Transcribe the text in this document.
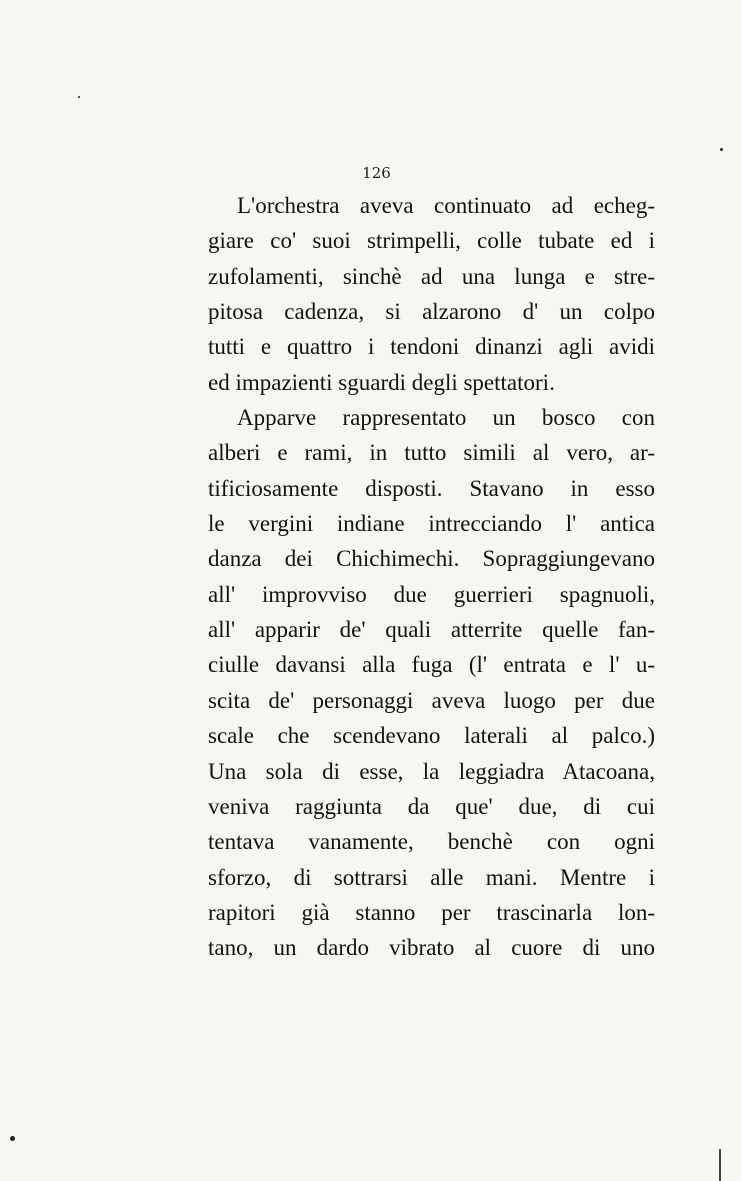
126
L'orchestra aveva continuato ad echeg-
giare co' suoi strimpelli, colle tubate ed i
zufolamenti, sinchè ad una lunga e stre-
pitosa cadenza, si alzarono d' un colpo
tutti e quattro i tendoni dinanzi agli avidi
ed impazienti sguardi degli spettatori.
Apparve rappresentato un bosco con
alberi e rami, in tutto simili al vero, ar-
tificiosamente disposti. Stavano in esso
le vergini indiane intrecciando l' antica
danza dei Chichimechi. Sopraggiungevano
all' improvviso due guerrieri spagnuoli,
all' apparir de' quali atterrite quelle fan-
ciulle davansi alla fuga (l' entrata e l' u-
scita de' personaggi aveva luogo per due
scale che scendevano laterali al palco.)
Una sola di esse, la leggiadra Atacoana,
veniva raggiunta da que' due, di cui
tentava vanamente, benchè con ogni
sforzo, di sottrarsi alle mani. Mentre i
rapitori già stanno per trascinarla lon-
tano, un dardo vibrato al cuore di uno
